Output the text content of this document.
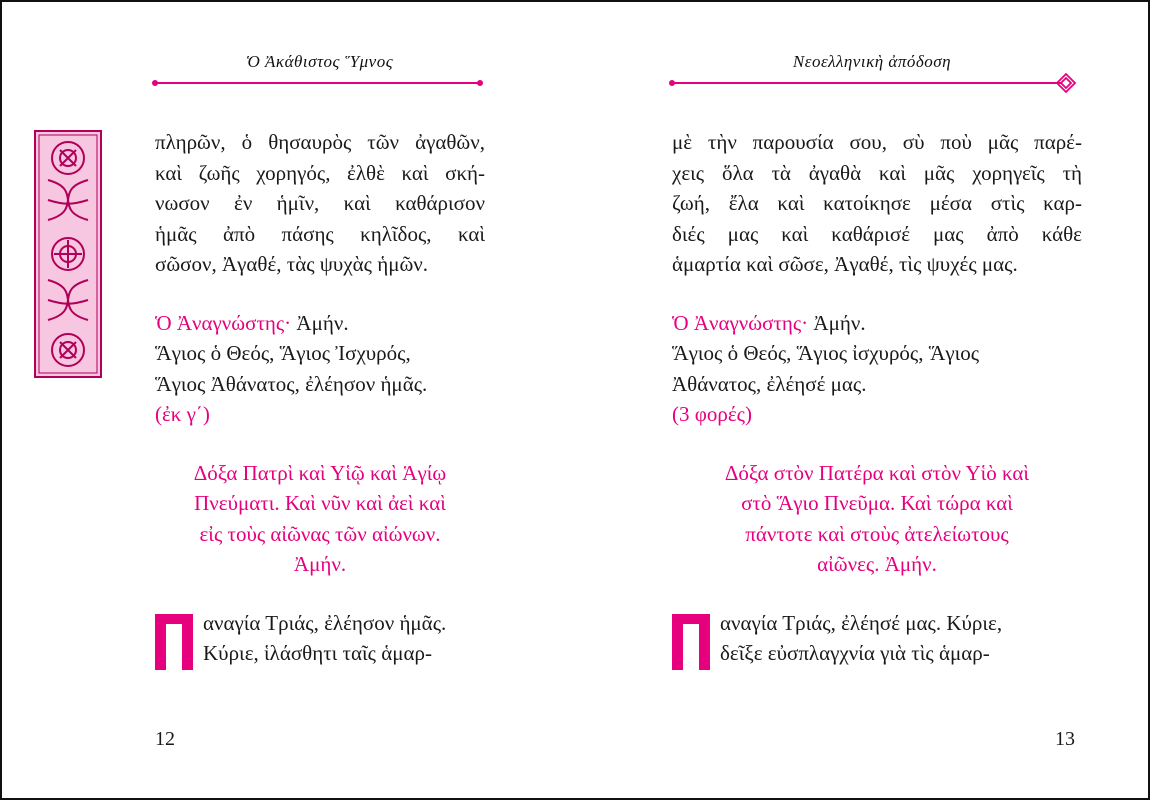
Ὁ Ἀκάθιστος Ὕμνος
πληρῶν, ὁ θησαυρὸς τῶν ἀγαθῶν,
καὶ ζωῆς χορηγός, ἐλθὲ καὶ σκή-
νωσον ἐν ἡμῖν, καὶ καθάρισον
ἡμᾶς ἀπὸ πάσης κηλῖδος, καὶ
σῶσον, Ἀγαθέ, τὰς ψυχὰς ἡμῶν.

Ὁ Ἀναγνώστης· Ἀμήν.

Ἅγιος ὁ Θεός, Ἅγιος Ἰσχυρός,
Ἅγιος Ἀθάνατος, ἐλέησον ἡμᾶς.
(ἐκ γ΄)
Δόξα Πατρὶ καὶ Υἱῷ καὶ Ἁγίῳ
Πνεύματι. Καὶ νῦν καὶ ἀεὶ καὶ
εἰς τοὺς αἰῶνας τῶν αἰώνων.
Ἀμήν.
αναγία Τριάς, ἐλέησον ἡμᾶς.
Κύριε, ἱλάσθητι ταῖς ἁμαρ-
12
Νεοελληνικὴ ἀπόδοση
μὲ τὴν παρουσία σου, σὺ ποὺ μᾶς παρέ-
χεις ὅλα τὰ ἀγαθὰ καὶ μᾶς χορηγεῖς τὴ
ζωή, ἔλα καὶ κατοίκησε μέσα στὶς καρ-
διές μας καὶ καθάρισέ μας ἀπὸ κάθε
ἁμαρτία καὶ σῶσε, Ἀγαθέ, τὶς ψυχές μας.

Ὁ Ἀναγνώστης· Ἀμήν.

Ἅγιος ὁ Θεός, Ἅγιος ἰσχυρός, Ἅγιος
Ἀθάνατος, ἐλέησέ μας.
(3 φορές)
Δόξα στὸν Πατέρα καὶ στὸν Υἱὸ καὶ
στὸ Ἅγιο Πνεῦμα. Καὶ τώρα καὶ
πάντοτε καὶ στοὺς ἀτελείωτους
αἰῶνες. Ἀμήν.
αναγία Τριάς, ἐλέησέ μας. Κύριε,
δεῖξε εὐσπλαγχνία γιὰ τὶς ἁμαρ-
13
